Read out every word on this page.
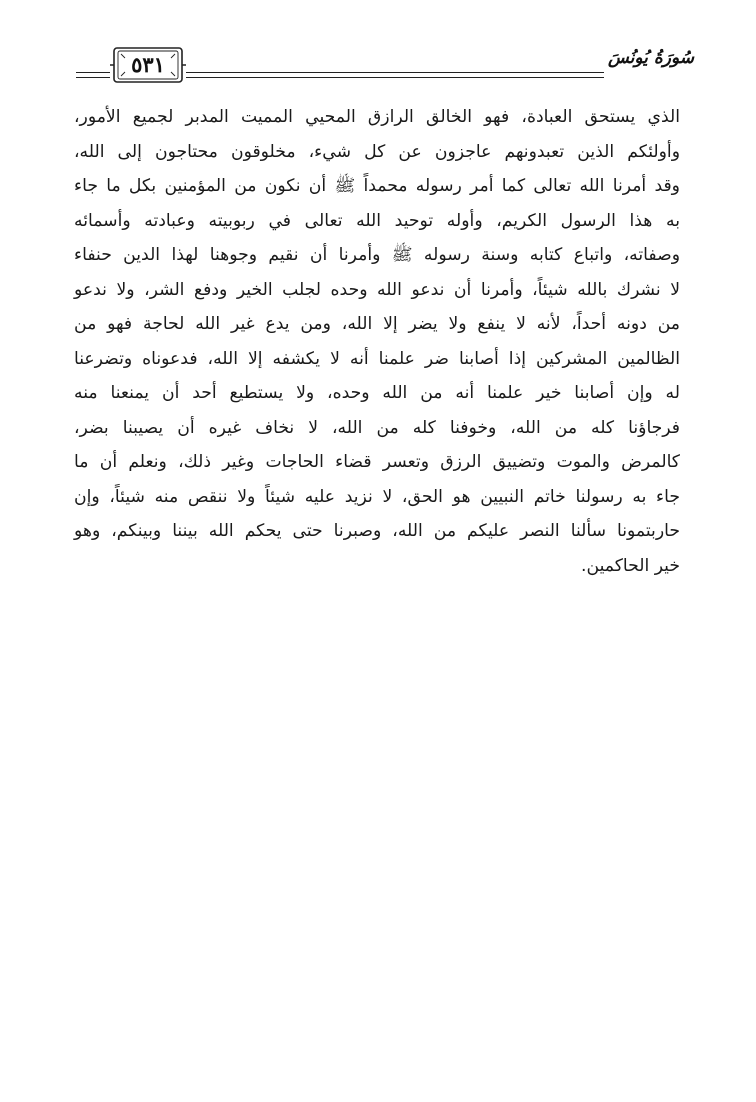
٥٣١	سُورَةُ يُونُسَ
الذي يستحق العبادة، فهو الخالق الرازق المحيي المميت المدبر لجميع الأمور،
وأولئكم الذين تعبدونهم عاجزون عن كل شيء، مخلوقون محتاجون إلى الله،
وقد أمرنا الله تعالى كما أمر رسوله محمداً ﷺ أن نكون من المؤمنين بكل ما جاء
به هذا الرسول الكريم، وأوله توحيد الله تعالى في ربوبيته وعبادته وأسمائه
وصفاته، واتباع كتابه وسنة رسوله ﷺ وأمرنا أن نقيم وجوهنا لهذا الدين حنفاء
لا نشرك بالله شيئاً، وأمرنا أن ندعو الله وحده لجلب الخير ودفع الشر، ولا ندعو
من دونه أحداً، لأنه لا ينفع ولا يضر إلا الله، ومن يدع غير الله لحاجة فهو من
الظالمين المشركين إذا أصابنا ضر علمنا أنه لا يكشفه إلا الله، فدعوناه وتضرعنا
له وإن أصابنا خير علمنا أنه من الله وحده، ولا يستطيع أحد أن يمنعنا منه
فرجاؤنا كله من الله، وخوفنا كله من الله، لا نخاف غيره أن يصيبنا بضر،
كالمرض والموت وتضييق الرزق وتعسر قضاء الحاجات وغير ذلك، ونعلم أن ما
جاء به رسولنا خاتم النبيين هو الحق، لا نزيد عليه شيئاً ولا ننقص منه شيئاً، وإن
حاربتمونا سألنا النصر عليكم من الله، وصبرنا حتى يحكم الله بيننا وبينكم، وهو
خير الحاكمين.
